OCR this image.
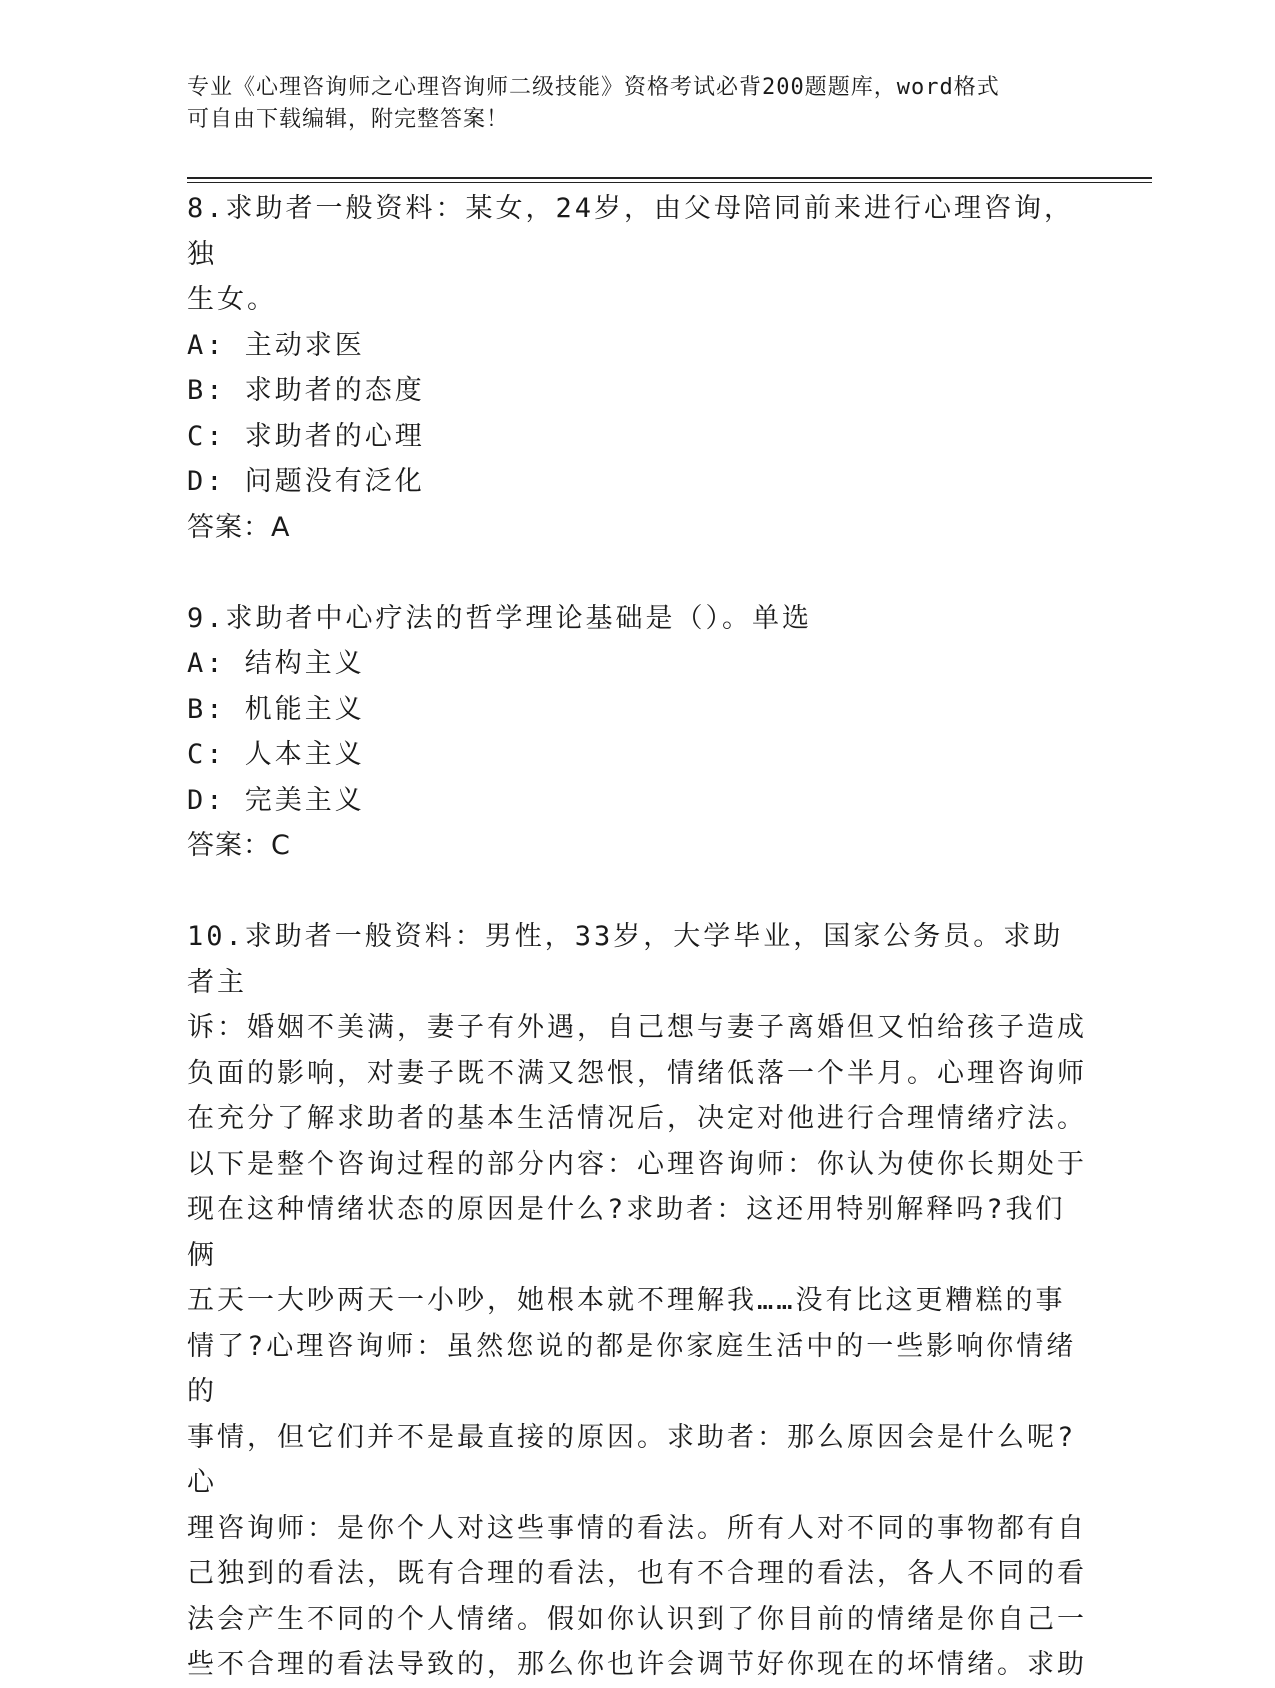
专业《心理咨询师之心理咨询师二级技能》资格考试必背200题题库，word格式
可自由下载编辑，附完整答案！
8.求助者一般资料：某女，24岁，由父母陪同前来进行心理咨询，独
生女。
A: 主动求医
B: 求助者的态度
C: 求助者的心理
D: 问题没有泛化
答案：A
9.求助者中心疗法的哲学理论基础是（）。单选
A: 结构主义
B: 机能主义
C: 人本主义
D: 完美主义
答案：C
10.求助者一般资料：男性，33岁，大学毕业，国家公务员。求助者主
诉：婚姻不美满，妻子有外遇，自己想与妻子离婚但又怕给孩子造成
负面的影响，对妻子既不满又怨恨，情绪低落一个半月。心理咨询师
在充分了解求助者的基本生活情况后，决定对他进行合理情绪疗法。
以下是整个咨询过程的部分内容：心理咨询师：你认为使你长期处于
现在这种情绪状态的原因是什么?求助者：这还用特别解释吗?我们俩
五天一大吵两天一小吵，她根本就不理解我……没有比这更糟糕的事
情了?心理咨询师：虽然您说的都是你家庭生活中的一些影响你情绪的
事情，但它们并不是最直接的原因。求助者：那么原因会是什么呢?心
理咨询师：是你个人对这些事情的看法。所有人对不同的事物都有自
己独到的看法，既有合理的看法，也有不合理的看法，各人不同的看
法会产生不同的个人情绪。假如你认识到了你目前的情绪是你自己一
些不合理的看法导致的，那么你也许会调节好你现在的坏情绪。求助
